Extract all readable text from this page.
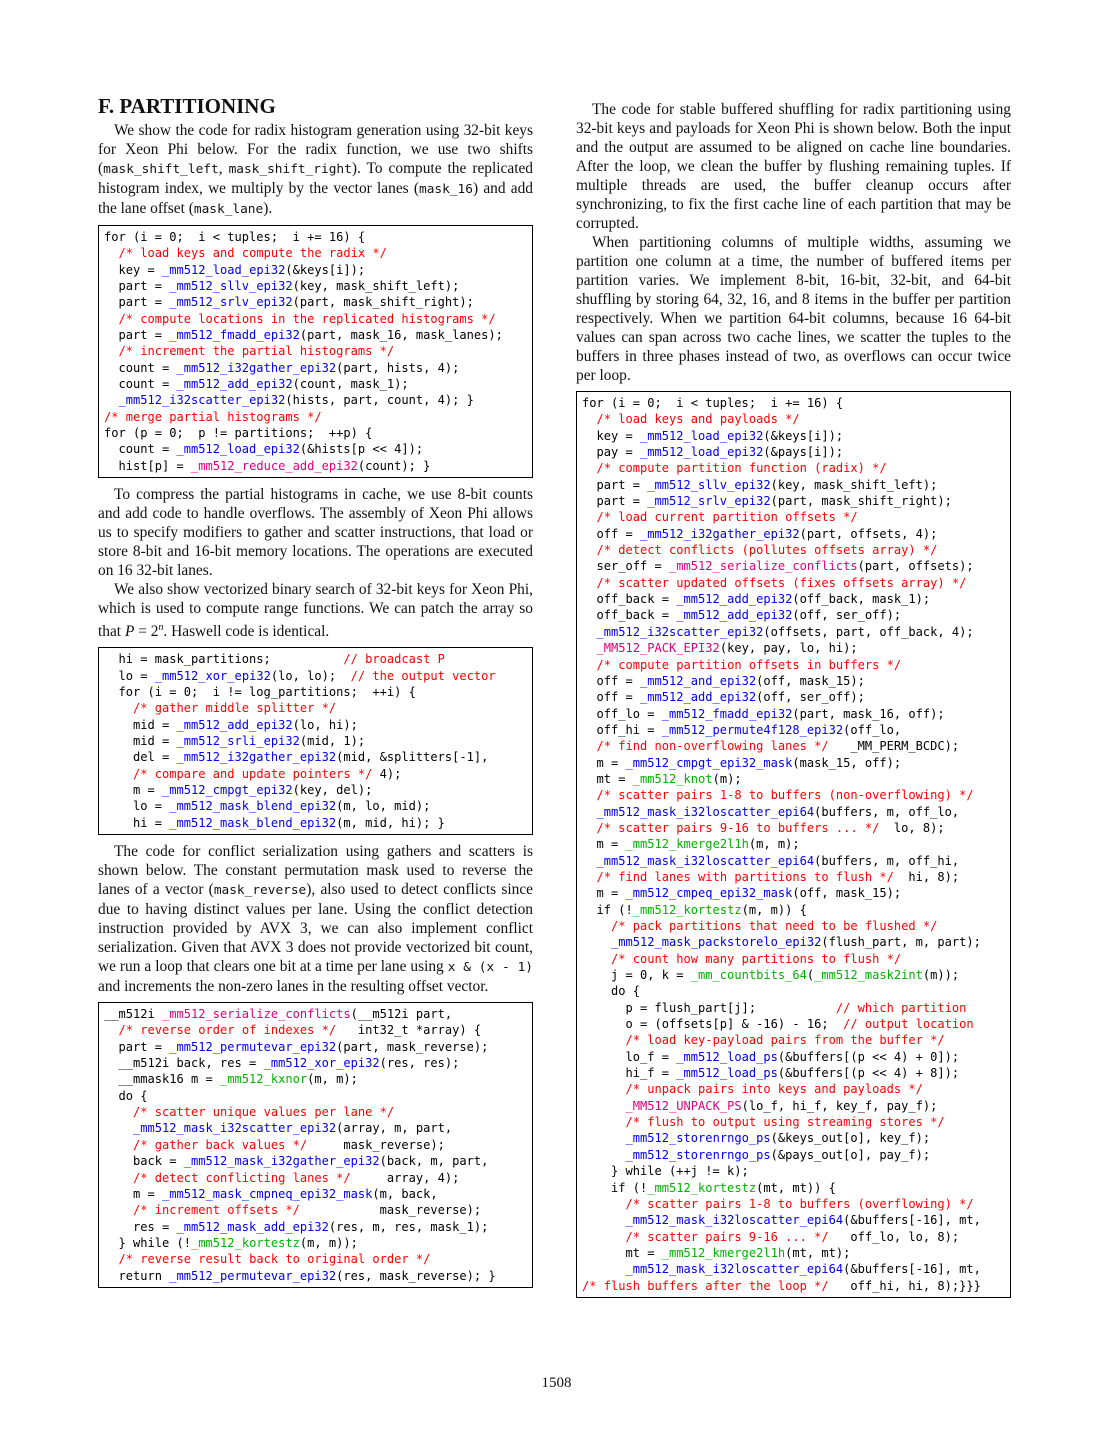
F. PARTITIONING

We show the code for radix histogram generation using 32-bit keys for Xeon Phi below. For the radix function, we use two shifts (mask_shift_left, mask_shift_right). To compute the replicated histogram index, we multiply by the vector lanes (mask_16) and add the lane offset (mask_lane).

for (i = 0;  i < tuples;  i += 16) {
/* load keys and compute the radix */
key = _mm512_load_epi32(&keys[i]);
part = _mm512_sllv_epi32(key, mask_shift_left);
part = _mm512_srlv_epi32(part, mask_shift_right);
/* compute locations in the replicated histograms */
part = _mm512_fmadd_epi32(part, mask_16, mask_lanes);
/* increment the partial histograms */
count = _mm512_i32gather_epi32(part, hists, 4);
count = _mm512_add_epi32(count, mask_1);
_mm512_i32scatter_epi32(hists, part, count, 4); }
/* merge partial histograms */
for (p = 0;  p != partitions;  ++p) {
count = _mm512_load_epi32(&hists[p << 4]);
hist[p] = _mm512_reduce_add_epi32(count); }

To compress the partial histograms in cache, we use 8-bit counts and add code to handle overflows. The assembly of Xeon Phi allows us to specify modifiers to gather and scatter instructions, that load or store 8-bit and 16-bit memory locations. The operations are executed on 16 32-bit lanes.

We also show vectorized binary search of 32-bit keys for Xeon Phi, which is used to compute range functions. We can patch the array so that $P = 2^n$. Haswell code is identical.

hi = mask_partitions;          // broadcast P
lo = _mm512_xor_epi32(lo, lo);  // the output vector
for (i = 0;  i != log_partitions;  ++i) {
/* gather middle splitter */
mid = _mm512_add_epi32(lo, hi);
mid = _mm512_srli_epi32(mid, 1);
del = _mm512_i32gather_epi32(mid, &splitters[-1],
/* compare and update pointers */ 4);
m = _mm512_cmpgt_epi32(key, del);
lo = _mm512_mask_blend_epi32(m, lo, mid);
hi = _mm512_mask_blend_epi32(m, mid, hi); }

The code for conflict serialization using gathers and scatters is shown below. The constant permutation mask used to reverse the lanes of a vector (mask_reverse), also used to detect conflicts since due to having distinct values per lane. Using the conflict detection instruction provided by AVX 3, we can also implement conflict serialization. Given that AVX 3 does not provide vectorized bit count, we run a loop that clears one bit at a time per lane using x & (x - 1) and increments the non-zero lanes in the resulting offset vector.

__m512i _mm512_serialize_conflicts(__m512i part,
/* reverse order of indexes */   int32_t *array) {
part = _mm512_permutevar_epi32(part, mask_reverse);
__m512i back, res = _mm512_xor_epi32(res, res);
__mmask16 m = _mm512_kxnor(m, m);
do {
/* scatter unique values per lane */
_mm512_mask_i32scatter_epi32(array, m, part,
/* gather back values */     mask_reverse);
back = _mm512_mask_i32gather_epi32(back, m, part,
/* detect conflicting lanes */     array, 4);
m = _mm512_mask_cmpneq_epi32_mask(m, back,
/* increment offsets */           mask_reverse);
res = _mm512_mask_add_epi32(res, m, res, mask_1);
} while (!_mm512_kortestz(m, m));
/* reverse result back to original order */
return _mm512_permutevar_epi32(res, mask_reverse); }

The code for stable buffered shuffling for radix partitioning using 32-bit keys and payloads for Xeon Phi is shown below. Both the input and the output are assumed to be aligned on cache line boundaries. After the loop, we clean the buffer by flushing remaining tuples. If multiple threads are used, the buffer cleanup occurs after synchronizing, to fix the first cache line of each partition that may be corrupted.

When partitioning columns of multiple widths, assuming we partition one column at a time, the number of buffered items per partition varies. We implement 8-bit, 16-bit, 32-bit, and 64-bit shuffling by storing 64, 32, 16, and 8 items in the buffer per partition respectively. When we partition 64-bit columns, because 16 64-bit values can span across two cache lines, we scatter the tuples to the buffers in three phases instead of two, as overflows can occur twice per loop.

for (i = 0;  i < tuples;  i += 16) {
/* load keys and payloads */
key = _mm512_load_epi32(&keys[i]);
pay = _mm512_load_epi32(&pays[i]);
/* compute partition function (radix) */
part = _mm512_sllv_epi32(key, mask_shift_left);
part = _mm512_srlv_epi32(part, mask_shift_right);
/* load current partition offsets */
off = _mm512_i32gather_epi32(part, offsets, 4);
/* detect conflicts (pollutes offsets array) */
ser_off = _mm512_serialize_conflicts(part, offsets);
/* scatter updated offsets (fixes offsets array) */
off_back = _mm512_add_epi32(off_back, mask_1);
off_back = _mm512_add_epi32(off, ser_off);
_mm512_i32scatter_epi32(offsets, part, off_back, 4);
_MM512_PACK_EPI32(key, pay, lo, hi);
/* compute partition offsets in buffers */
off = _mm512_and_epi32(off, mask_15);
off = _mm512_add_epi32(off, ser_off);
off_lo = _mm512_fmadd_epi32(part, mask_16, off);
off_hi = _mm512_permute4f128_epi32(off_lo,
/* find non-overflowing lanes */   _MM_PERM_BCDC);
m = _mm512_cmpgt_epi32_mask(mask_15, off);
mt = _mm512_knot(m);
/* scatter pairs 1-8 to buffers (non-overflowing) */
_mm512_mask_i32loscatter_epi64(buffers, m, off_lo,
/* scatter pairs 9-16 to buffers ... */  lo, 8);
m = _mm512_kmerge2l1h(m, m);
_mm512_mask_i32loscatter_epi64(buffers, m, off_hi,
/* find lanes with partitions to flush */  hi, 8);
m = _mm512_cmpeq_epi32_mask(off, mask_15);
if (!_mm512_kortestz(m, m)) {
/* pack partitions that need to be flushed */
_mm512_mask_packstorelo_epi32(flush_part, m, part);
/* count how many partitions to flush */
j = 0, k = _mm_countbits_64(_mm512_mask2int(m));
do {
p = flush_part[j];           // which partition
o = (offsets[p] & -16) - 16;  // output location
/* load key-payload pairs from the buffer */
lo_f = _mm512_load_ps(&buffers[(p << 4) + 0]);
hi_f = _mm512_load_ps(&buffers[(p << 4) + 8]);
/* unpack pairs into keys and payloads */
_MM512_UNPACK_PS(lo_f, hi_f, key_f, pay_f);
/* flush to output using streaming stores */
_mm512_storenrngo_ps(&keys_out[o], key_f);
_mm512_storenrngo_ps(&pays_out[o], pay_f);
} while (++j != k);
if (!_mm512_kortestz(mt, mt)) {
/* scatter pairs 1-8 to buffers (overflowing) */
_mm512_mask_i32loscatter_epi64(&buffers[-16], mt,
/* scatter pairs 9-16 ... */   off_lo, lo, 8);
mt = _mm512_kmerge2l1h(mt, mt);
_mm512_mask_i32loscatter_epi64(&buffers[-16], mt,
/* flush buffers after the loop */   off_hi, hi, 8);}}}
1508
